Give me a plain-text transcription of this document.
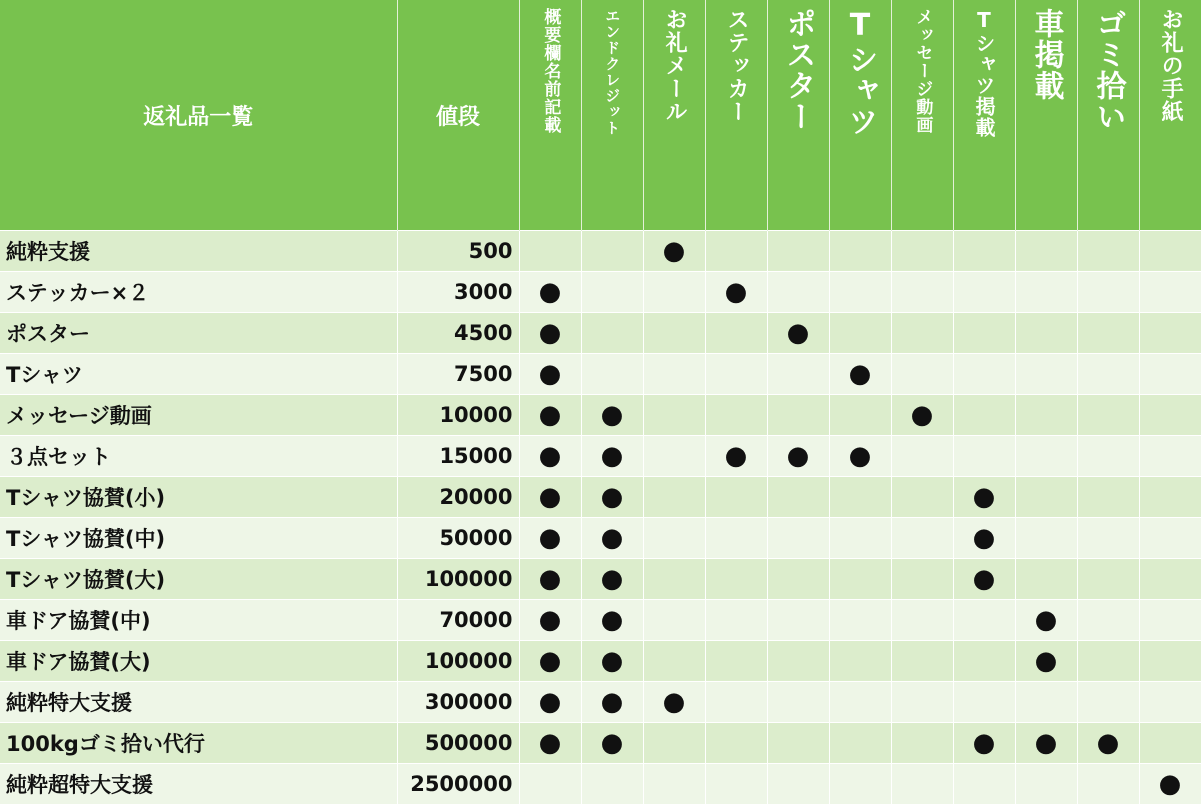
返礼品一覧	値段	概要欄名前記載	エンドクレジット	お礼メール	ステッカー	ポスター	Tシャツ	メッセージ動画	Tシャツ掲載	車掲載	ゴミ拾い	お礼の手紙

純粋支援	500			●								
ステッカー×２	3000	●			●							
ポスター	4500	●				●						
Tシャツ	7500	●					●					
メッセージ動画	10000	●	●					●				
３点セット	15000	●	●		●	●	●					
Tシャツ協賛(小)	20000	●	●						●			
Tシャツ協賛(中)	50000	●	●						●			
Tシャツ協賛(大)	100000	●	●						●			
車ドア協賛(中)	70000	●	●							●		
車ドア協賛(大)	100000	●	●							●		
純粋特大支援	300000	●	●	●								
100kgゴミ拾い代行	500000	●	●						●	●	●	
純粋超特大支援	2500000											●
